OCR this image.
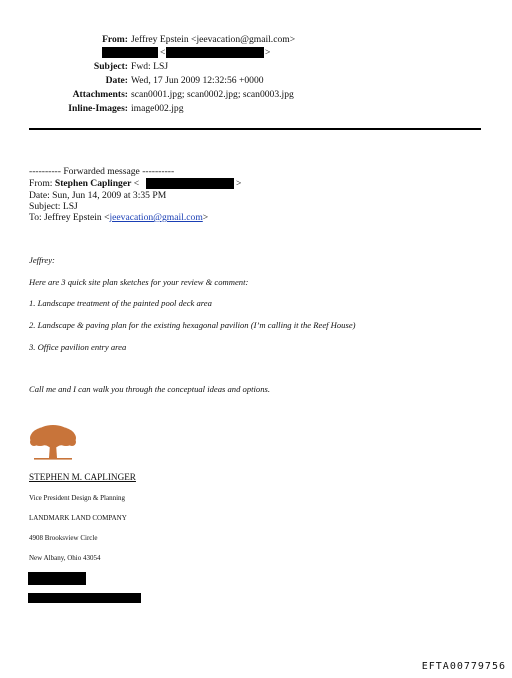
From: Jeffrey Epstein <jeevacation@gmail.com>
<	>
Subject: Fwd: LSJ
Date: Wed, 17 Jun 2009 12:32:56 +0000
Attachments: scan0001.jpg; scan0002.jpg; scan0003.jpg
Inline-Images: image002.jpg
---------- Forwarded message ----------
From: Stephen Caplinger <	>
Date: Sun, Jun 14, 2009 at 3:35 PM
Subject: LSJ
To: Jeffrey Epstein <jeevacation@gmail.com>
Jeffrey:
Here are 3 quick site plan sketches for your review & comment:
1. Landscape treatment of the painted pool deck area
2. Landscape & paving plan for the existing hexagonal pavilion (I’m calling it the Reef House)
3. Office pavilion entry area
Call me and I can walk you through the conceptual ideas and options.
STEPHEN M. CAPLINGER
Vice President Design & Planning
LANDMARK LAND COMPANY
4908 Brooksview Circle
New Albany, Ohio 43054
EFTA00779756
